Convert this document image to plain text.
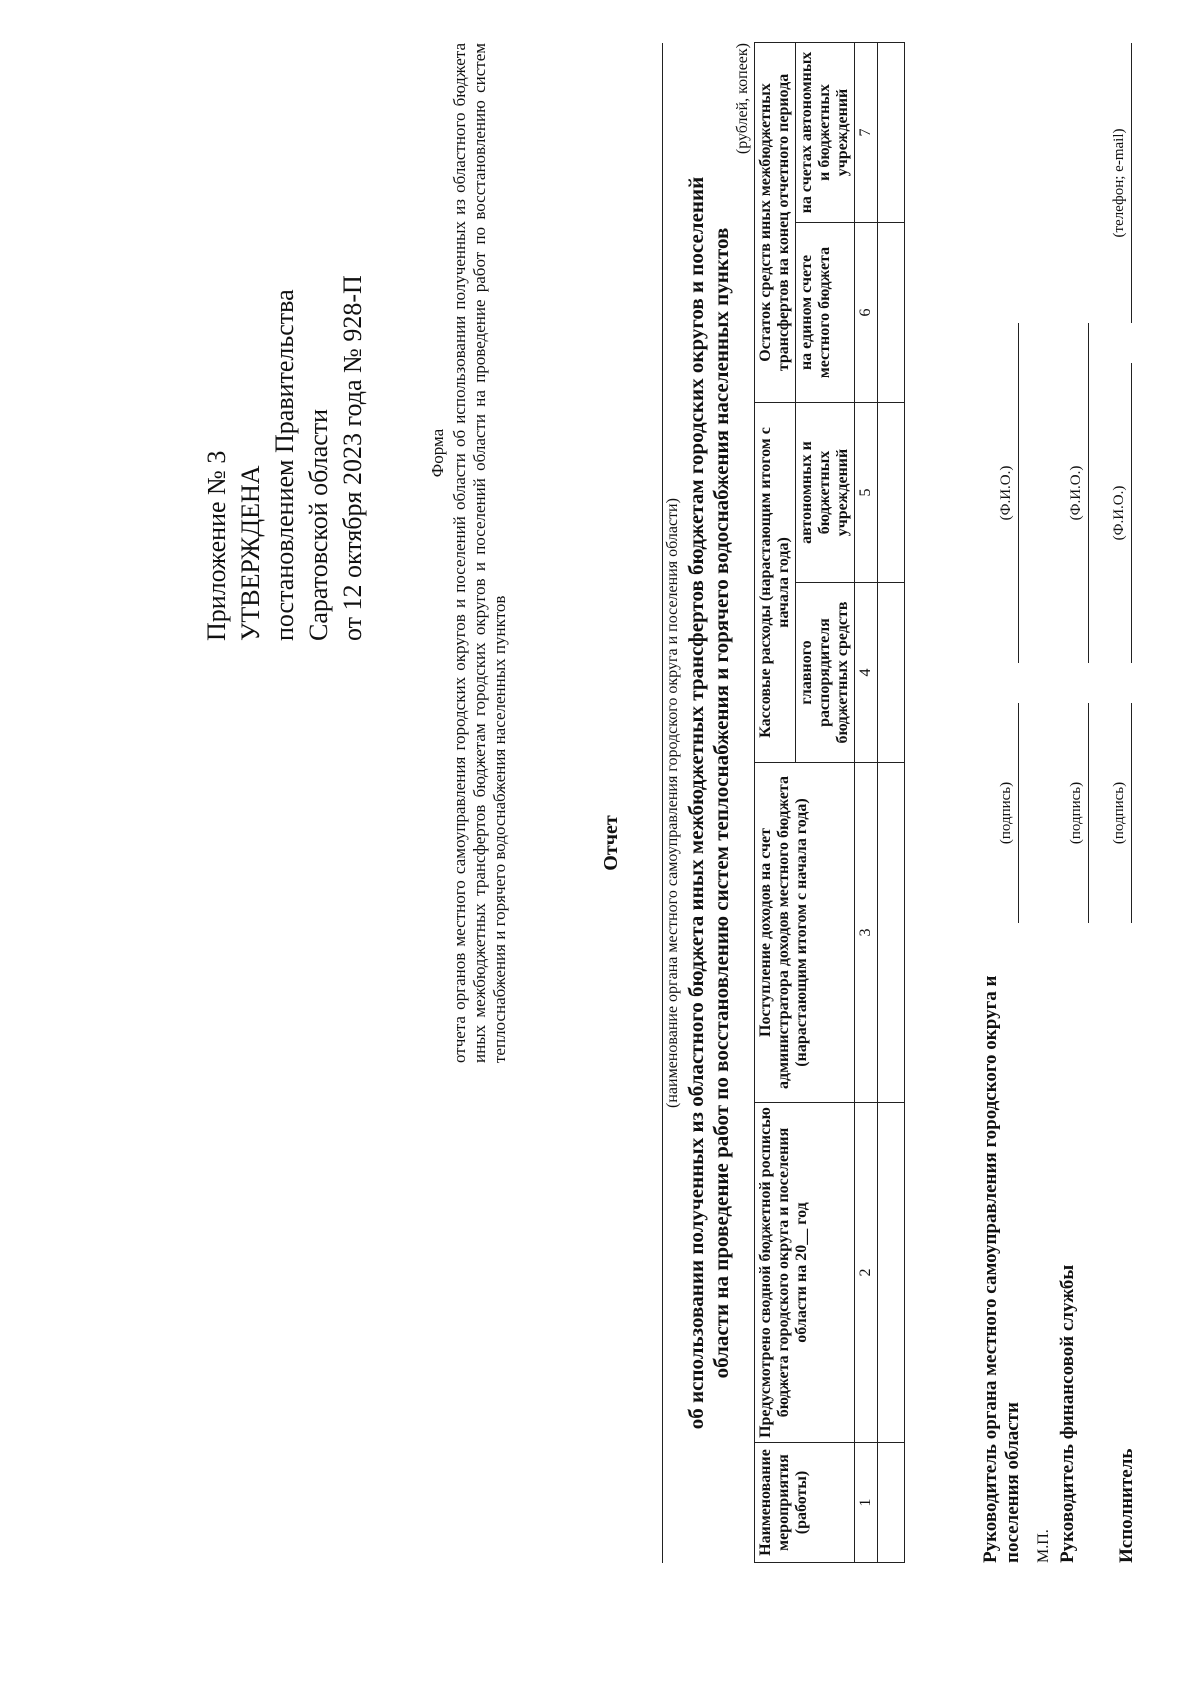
Приложение № 3 УТВЕРЖДЕНА постановлением Правительства Саратовской области от 12 октября 2023 года № 928-П	Форма отчета органов местного самоуправления городских округов и поселений области об использовании полученных из областного бюджета иных межбюджетных трансфертов бюджетам городских округов и поселений области на проведение работ по восстановлению систем теплоснабжения и горячего водоснабжения населенных пунктов	Отчет	(наименование органа местного самоуправления городского округа и поселения области) об использовании полученных из областного бюджета иных межбюджетных трансфертов бюджетам городских округов и поселений области на проведение работ по восстановлению систем теплоснабжения и горячего водоснабжения населенных пунктов
(рублей, копеек)
Наименование мероприятия (работы)	Предусмотрено сводной бюджетной росписью бюджета городского округа и поселения области на 20__ год	Поступление доходов на счет администратора доходов местного бюджета (нарастающим итогом с начала года)	Кассовые расходы (нарастающим итогом с начала года)		Остаток средств иных межбюджетных трансфертов на конец отчетного периода	
			главного распорядителя бюджетных средств	автономных и бюджетных учреждений	на едином счете местного бюджета	на счетах автономных и бюджетных учреждений
1	2	3	4	5	6	7

Руководитель органа местного самоуправления городского округа и поселения области
(подпись)
(Ф.И.О.)
М.П. Руководитель финансовой службы
(подпись)
(Ф.И.О.)
Исполнитель
(подпись)
(Ф.И.О.)
(телефон; e-mail)
